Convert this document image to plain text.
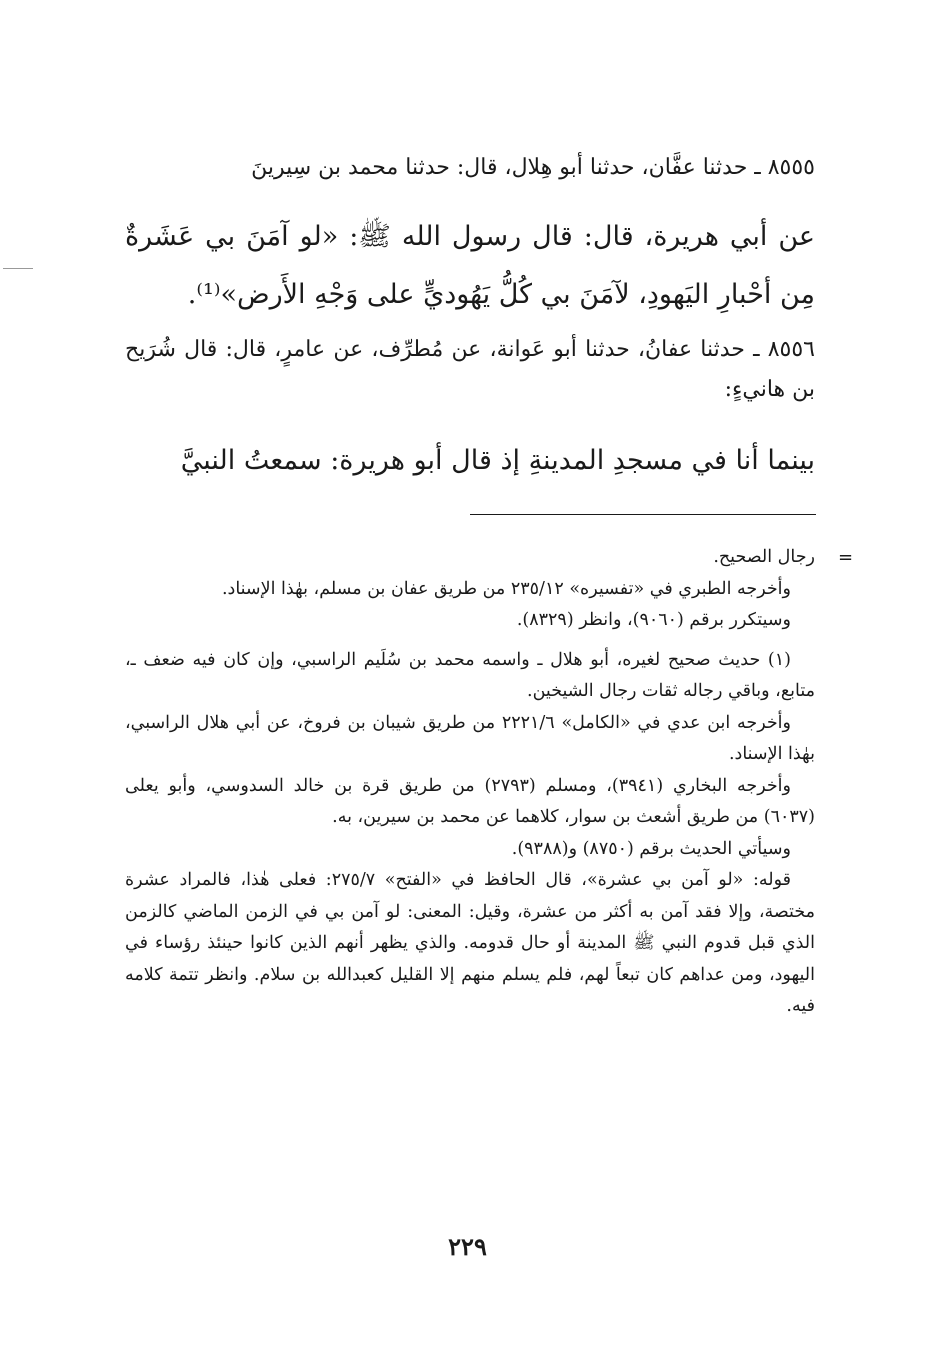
٨٥٥٥ ـ حدثنا عفَّان، حدثنا أبو هِلال، قال: حدثنا محمد بن سِيرينَ
عن أبي هريرة، قال: قال رسول الله ﷺ: «لو آمَنَ بي عَشَرةٌ مِن أحْبارِ اليَهودِ، لآمَنَ بي كُلُّ يَهُوديٍّ على وَجْهِ الأَرض»⁽¹⁾.
٨٥٥٦ ـ حدثنا عفانُ، حدثنا أبو عَوانة، عن مُطرِّف، عن عامرٍ، قال: قال شُرَيح بن هانيءٍ:
بينما أنا في مسجدِ المدينةِ إذ قال أبو هريرة: سمعتُ النبيَّ
=

رجال الصحيح.

وأخرجه الطبري في «تفسيره» ٢٣٥/١٢ من طريق عفان بن مسلم، بهٰذا الإسناد.

وسيتكرر برقم (٩٠٦٠)، وانظر (٨٣٢٩).

(١) حديث صحيح لغيره، أبو هلال ـ واسمه محمد بن سُلَيم الراسبي، وإن كان فيه ضعف ـ، متابع، وباقي رجاله ثقات رجال الشيخين.

وأخرجه ابن عدي في «الكامل» ٢٢٢١/٦ من طريق شيبان بن فروخ، عن أبي هلال الراسبي، بهٰذا الإسناد.

وأخرجه البخاري (٣٩٤١)، ومسلم (٢٧٩٣) من طريق قرة بن خالد السدوسي، وأبو يعلى (٦٠٣٧) من طريق أشعث بن سوار، كلاهما عن محمد بن سيرين، به.

وسيأتي الحديث برقم (٨٧٥٠) و(٩٣٨٨).

قوله: «لو آمن بي عشرة»، قال الحافظ في «الفتح» ٢٧٥/٧: فعلى هٰذا، فالمراد عشرة مختصة، وإلا فقد آمن به أكثر من عشرة، وقيل: المعنى: لو آمن بي في الزمن الماضي كالزمن الذي قبل قدوم النبي ﷺ المدينة أو حال قدومه. والذي يظهر أنهم الذين كانوا حينئذ رؤساء في اليهود، ومن عداهم كان تبعاً لهم، فلم يسلم منهم إلا القليل كعبدالله بن سلام. وانظر تتمة كلامه فيه.

٢٢٩
